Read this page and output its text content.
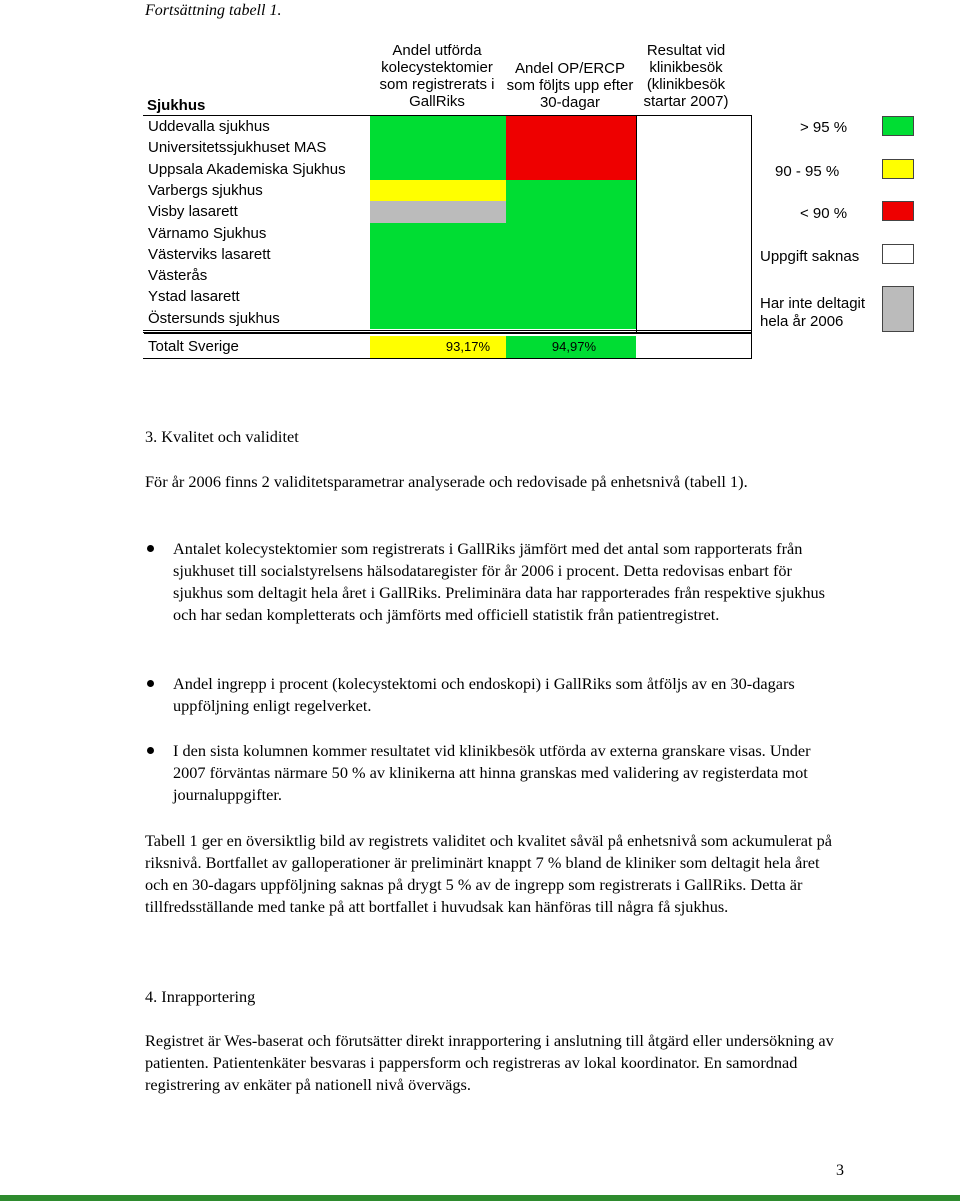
Fortsättning tabell 1.
Sjukhus
Andel utförda kolecystektomier som registrerats i GallRiks
Andel OP/ERCP som följts upp efter 30-dagar
Resultat vid klinikbesök (klinikbesök startar 2007)
Uddevalla sjukhus
Universitetssjukhuset MAS
Uppsala Akademiska Sjukhus
Varbergs sjukhus
Visby lasarett
Värnamo Sjukhus
Västerviks lasarett
Västerås
Ystad lasarett
Östersunds sjukhus
Totalt Sverige	93,17%	94,97%
> 95 %
90 - 95 %
< 90 %
Uppgift saknas
Har inte deltagit hela år 2006
3. Kvalitet och validitet
För år 2006 finns 2 validitetsparametrar analyserade och redovisade på enhetsnivå (tabell 1).
Antalet kolecystektomier som registrerats i GallRiks jämfört med det antal som rapporterats från sjukhuset till socialstyrelsens hälsodataregister för år 2006 i procent. Detta redovisas enbart för sjukhus som deltagit hela året i GallRiks. Preliminära data har rapporterades från respektive sjukhus och har sedan kompletterats och jämförts med officiell statistik från patientregistret.
Andel ingrepp i procent (kolecystektomi och endoskopi) i GallRiks som åtföljs av en 30-dagars uppföljning enligt regelverket.
I den sista kolumnen kommer resultatet vid klinikbesök utförda av externa granskare visas. Under 2007 förväntas närmare 50 % av klinikerna att hinna granskas med validering av registerdata mot journaluppgifter.
Tabell 1 ger en översiktlig bild av registrets validitet och kvalitet såväl på enhetsnivå som ackumulerat på riksnivå. Bortfallet av galloperationer är preliminärt knappt 7 % bland de kliniker som deltagit hela året och en 30-dagars uppföljning saknas på drygt 5 % av de ingrepp som registrerats i GallRiks. Detta är tillfredsställande med tanke på att bortfallet i huvudsak kan hänföras till några få sjukhus.
4. Inrapportering
Registret är Wes-baserat och förutsätter direkt inrapportering i anslutning till åtgärd eller undersökning av patienten. Patientenkäter besvaras i pappersform och registreras av lokal koordinator. En samordnad registrering av enkäter på nationell nivå övervägs.
3
